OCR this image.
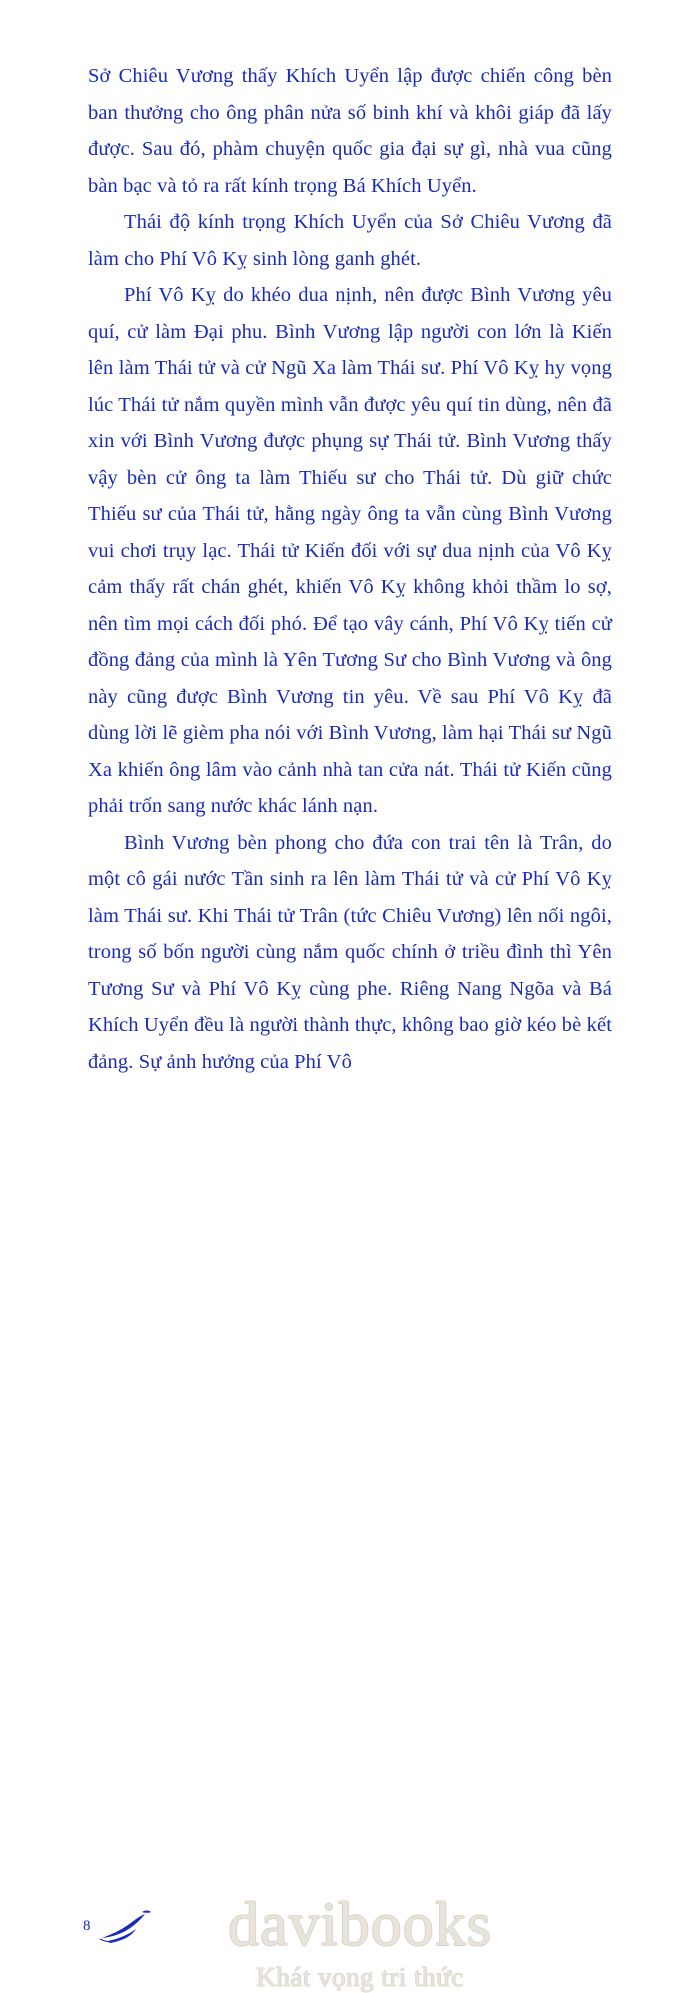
Sở Chiêu Vương thấy Khích Uyển lập được chiến công bèn ban thưởng cho ông phân nửa số binh khí và khôi giáp đã lấy được. Sau đó, phàm chuyện quốc gia đại sự gì, nhà vua cũng bàn bạc và tỏ ra rất kính trọng Bá Khích Uyển.

Thái độ kính trọng Khích Uyển của Sở Chiêu Vương đã làm cho Phí Vô Kỵ sinh lòng ganh ghét.

Phí Vô Kỵ do khéo dua nịnh, nên được Bình Vương yêu quí, cử làm Đại phu. Bình Vương lập người con lớn là Kiến lên làm Thái tử và cử Ngũ Xa làm Thái sư. Phí Vô Kỵ hy vọng lúc Thái tử nắm quyền mình vẫn được yêu quí tin dùng, nên đã xin với Bình Vương được phụng sự Thái tử. Bình Vương thấy vậy bèn cử ông ta làm Thiếu sư cho Thái tử. Dù giữ chức Thiếu sư của Thái tử, hằng ngày ông ta vẫn cùng Bình Vương vui chơi trụy lạc. Thái tử Kiến đối với sự dua nịnh của Vô Kỵ cảm thấy rất chán ghét, khiến Vô Kỵ không khỏi thầm lo sợ, nên tìm mọi cách đối phó. Để tạo vây cánh, Phí Vô Kỵ tiến cử đồng đảng của mình là Yên Tương Sư cho Bình Vương và ông này cũng được Bình Vương tin yêu. Về sau Phí Vô Kỵ đã dùng lời lẽ gièm pha nói với Bình Vương, làm hại Thái sư Ngũ Xa khiến ông lâm vào cảnh nhà tan cửa nát. Thái tử Kiến cũng phải trốn sang nước khác lánh nạn.

Bình Vương bèn phong cho đứa con trai tên là Trân, do một cô gái nước Tần sinh ra lên làm Thái tử và cử Phí Vô Kỵ làm Thái sư. Khi Thái tử Trân (tức Chiêu Vương) lên nối ngôi, trong số bốn người cùng nắm quốc chính ở triều đình thì Yên Tương Sư và Phí Vô Kỵ cùng phe. Riêng Nang Ngõa và Bá Khích Uyển đều là người thành thực, không bao giờ kéo bè kết đảng. Sự ảnh hưởng của Phí Vô

8	davibooks
Khát vọng tri thức
